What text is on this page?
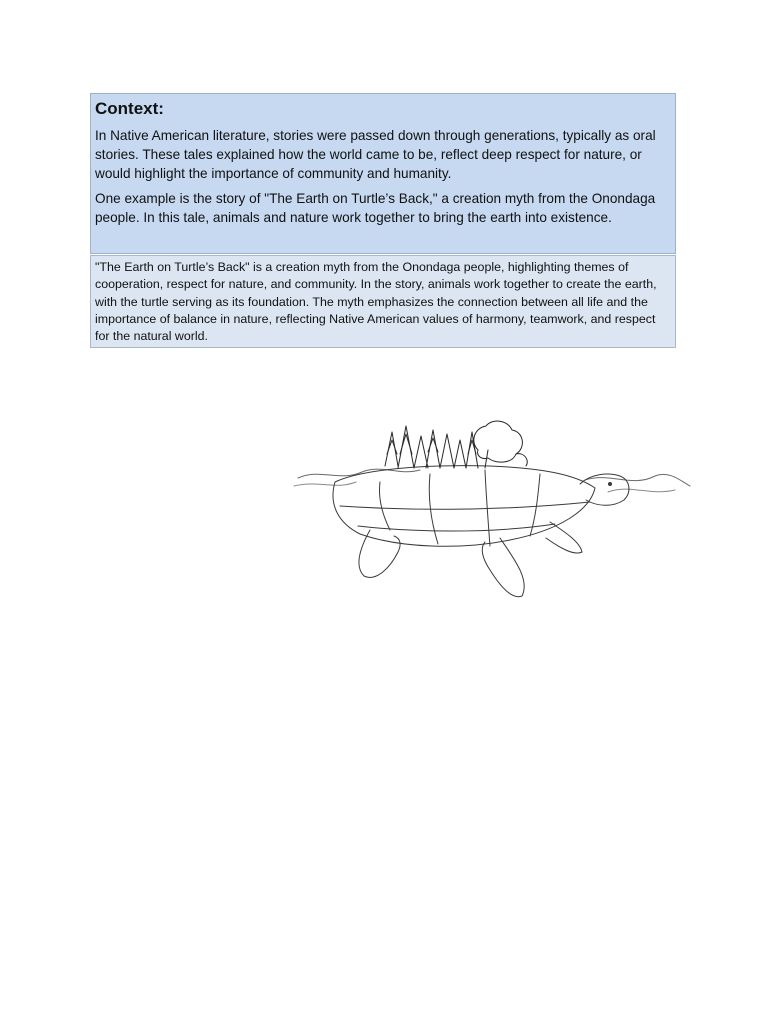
Context:

In Native American literature, stories were passed down through generations, typically as oral stories. These tales explained how the world came to be, reflect deep respect for nature, or would highlight the importance of community and humanity.

One example is the story of "The Earth on Turtle’s Back," a creation myth from the Onondaga people. In this tale, animals and nature work together to bring the earth into existence.

"The Earth on Turtle’s Back" is a creation myth from the Onondaga people, highlighting themes of cooperation, respect for nature, and community. In the story, animals work together to create the earth, with the turtle serving as its foundation. The myth emphasizes the connection between all life and the importance of balance in nature, reflecting Native American values of harmony, teamwork, and respect for the natural world.
